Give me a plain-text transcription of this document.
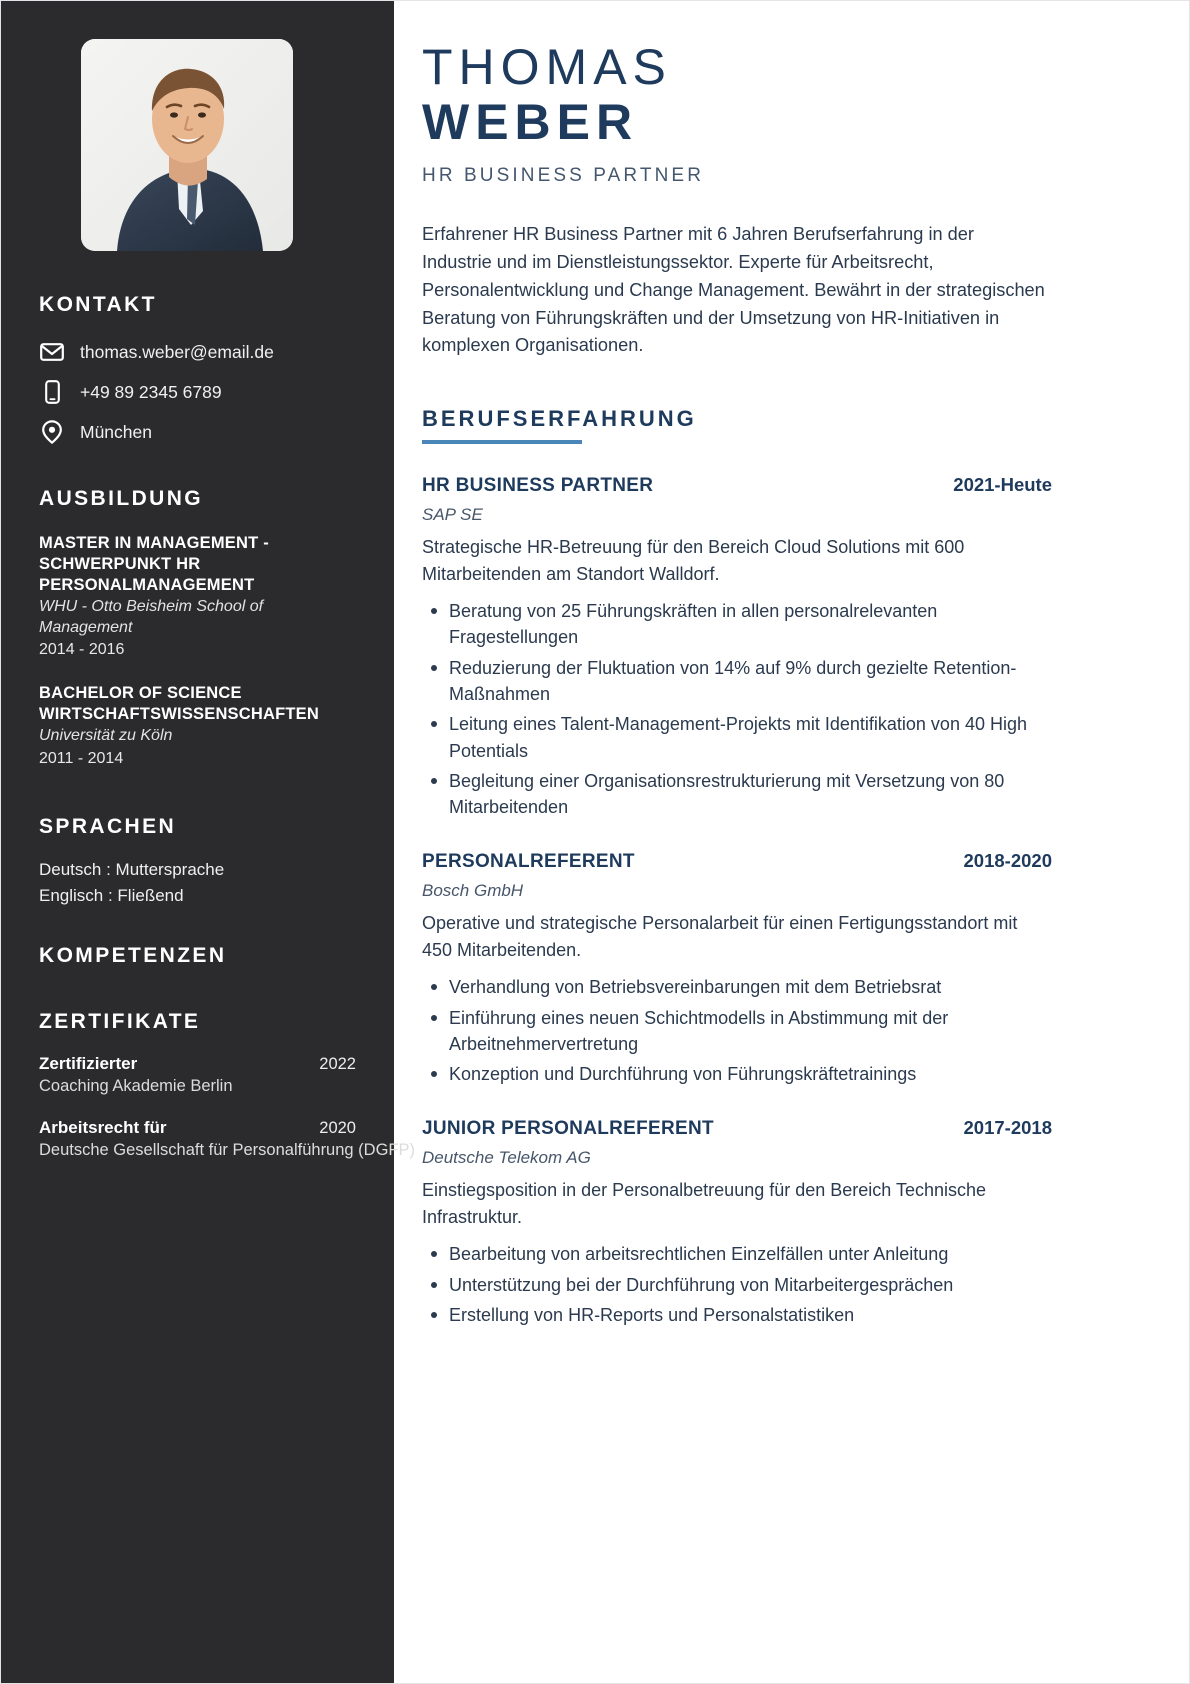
KONTAKT
thomas.weber@email.de
+49 89 2345 6789
München
AUSBILDUNG
MASTER IN MANAGEMENT - SCHWERPUNKT HR PERSONALMANAGEMENT
WHU - Otto Beisheim School of Management
2014 - 2016
BACHELOR OF SCIENCE WIRTSCHAFTSWISSENSCHAFTEN
Universität zu Köln
2011 - 2014
SPRACHEN
Deutsch : Muttersprache
Englisch : Fließend
KOMPETENZEN
ZERTIFIKATE
Zertifizierter	2022
Coaching Akademie Berlin
Arbeitsrecht für	2020
Deutsche Gesellschaft für Personalführung (DGFP)
THOMAS
WEBER
HR BUSINESS PARTNER

Erfahrener HR Business Partner mit 6 Jahren Berufserfahrung in der Industrie und im Dienstleistungssektor. Experte für Arbeitsrecht, Personalentwicklung und Change Management. Bewährt in der strategischen Beratung von Führungskräften und der Umsetzung von HR-Initiativen in komplexen Organisationen.

BERUFSERFAHRUNG
HR BUSINESS PARTNER	2021-Heute
SAP SE
Strategische HR-Betreuung für den Bereich Cloud Solutions mit 600 Mitarbeitenden am Standort Walldorf.
Beratung von 25 Führungskräften in allen personalrelevanten Fragestellungen
Reduzierung der Fluktuation von 14% auf 9% durch gezielte Retention-Maßnahmen
Leitung eines Talent-Management-Projekts mit Identifikation von 40 High Potentials
Begleitung einer Organisationsrestrukturierung mit Versetzung von 80 Mitarbeitenden
PERSONALREFERENT	2018-2020
Bosch GmbH
Operative und strategische Personalarbeit für einen Fertigungsstandort mit 450 Mitarbeitenden.
Verhandlung von Betriebsvereinbarungen mit dem Betriebsrat
Einführung eines neuen Schichtmodells in Abstimmung mit der Arbeitnehmervertretung
Konzeption und Durchführung von Führungskräftetrainings
JUNIOR PERSONALREFERENT	2017-2018
Deutsche Telekom AG
Einstiegsposition in der Personalbetreuung für den Bereich Technische Infrastruktur.
Bearbeitung von arbeitsrechtlichen Einzelfällen unter Anleitung
Unterstützung bei der Durchführung von Mitarbeitergesprächen
Erstellung von HR-Reports und Personalstatistiken
